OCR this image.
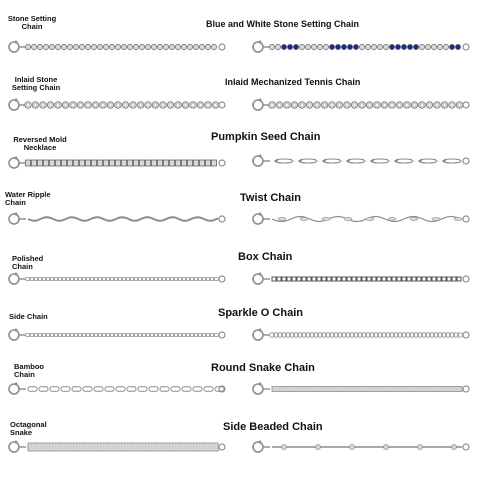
Stone Setting
Chain	Blue and White Stone Setting Chain
Inlaid Stone
Setting Chain
Inlaid Mechanized Tennis Chain
Reversed Mold
Necklace
Pumpkin Seed Chain
Water Ripple
Chain	Twist Chain
Polished
Chain
Box Chain
Side Chain	Sparkle O Chain
Bamboo
Chain
Round Snake Chain
Octagonal
Snake	Side Beaded Chain
